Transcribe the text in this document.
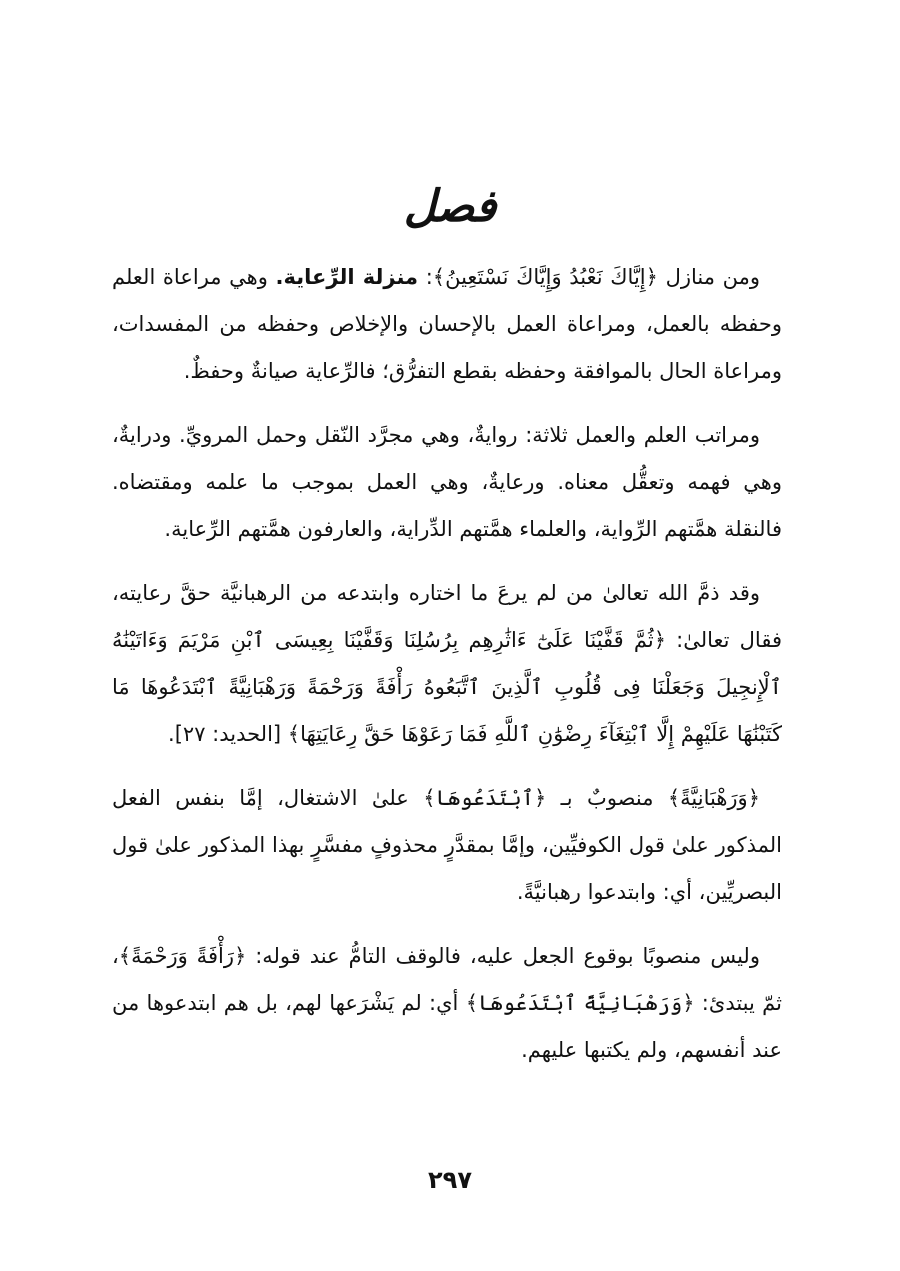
فصل

ومن منازل ﴿إِيَّاكَ نَعْبُدُ وَإِيَّاكَ نَسْتَعِينُ﴾: منزلة الرِّعاية. وهي مراعاة العلم وحفظه بالعمل، ومراعاة العمل بالإحسان والإخلاص وحفظه من المفسدات، ومراعاة الحال بالموافقة وحفظه بقطع التفرُّق؛ فالرِّعاية صيانةٌ وحفظٌ.

ومراتب العلم والعمل ثلاثة: روايةٌ، وهي مجرَّد النّقل وحمل المرويِّ. ودرايةٌ، وهي فهمه وتعقُّل معناه. ورعايةٌ، وهي العمل بموجب ما علمه ومقتضاه. فالنقلة همَّتهم الرِّواية، والعلماء همَّتهم الدِّراية، والعارفون همَّتهم الرِّعاية.

وقد ذمَّ الله تعالىٰ من لم يرعَ ما اختاره وابتدعه من الرهبانيَّة حقَّ رعايته، فقال تعالىٰ: ﴿ثُمَّ قَفَّيْنَا عَلَىٰٓ ءَاثَٰرِهِم بِرُسُلِنَا وَقَفَّيْنَا بِعِيسَى ٱبْنِ مَرْيَمَ وَءَاتَيْنَٰهُ ٱلْإِنجِيلَ وَجَعَلْنَا فِى قُلُوبِ ٱلَّذِينَ ٱتَّبَعُوهُ رَأْفَةً وَرَحْمَةً وَرَهْبَانِيَّةً ٱبْتَدَعُوهَا مَا كَتَبْنَٰهَا عَلَيْهِمْ إِلَّا ٱبْتِغَآءَ رِضْوَٰنِ ٱللَّهِ فَمَا رَعَوْهَا حَقَّ رِعَايَتِهَا﴾ [الحديد: ٢٧].

﴿وَرَهْبَانِيَّةً﴾ منصوبٌ بـ ﴿ٱبْتَدَعُوهَا﴾ علىٰ الاشتغال، إمَّا بنفس الفعل المذكور علىٰ قول الكوفيِّين، وإمَّا بمقدَّرٍ محذوفٍ مفسَّرٍ بهذا المذكور علىٰ قول البصريِّين، أي: وابتدعوا رهبانيَّةً.

وليس منصوبًا بوقوع الجعل عليه، فالوقف التامُّ عند قوله: ﴿رَأْفَةً وَرَحْمَةً﴾، ثمّ يبتدئ: ﴿وَرَهْبَانِيَّةً ٱبْتَدَعُوهَا﴾ أي: لم يَشْرَعها لهم، بل هم ابتدعوها من عند أنفسهم، ولم يكتبها عليهم.

٢٩٧
